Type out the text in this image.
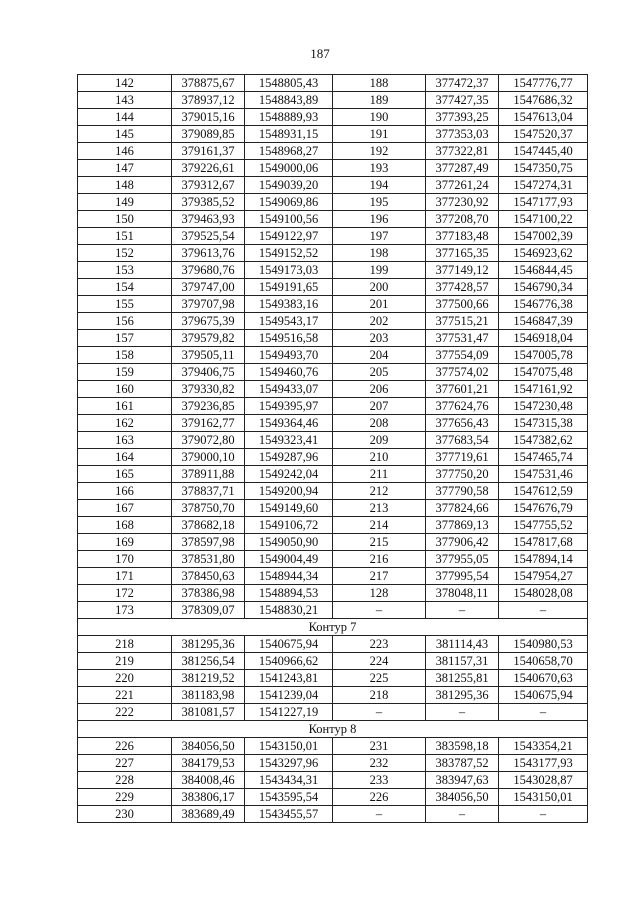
187
142	378875,67	1548805,43	188	377472,37	1547776,77
143	378937,12	1548843,89	189	377427,35	1547686,32
144	379015,16	1548889,93	190	377393,25	1547613,04
145	379089,85	1548931,15	191	377353,03	1547520,37
146	379161,37	1548968,27	192	377322,81	1547445,40
147	379226,61	1549000,06	193	377287,49	1547350,75
148	379312,67	1549039,20	194	377261,24	1547274,31
149	379385,52	1549069,86	195	377230,92	1547177,93
150	379463,93	1549100,56	196	377208,70	1547100,22
151	379525,54	1549122,97	197	377183,48	1547002,39
152	379613,76	1549152,52	198	377165,35	1546923,62
153	379680,76	1549173,03	199	377149,12	1546844,45
154	379747,00	1549191,65	200	377428,57	1546790,34
155	379707,98	1549383,16	201	377500,66	1546776,38
156	379675,39	1549543,17	202	377515,21	1546847,39
157	379579,82	1549516,58	203	377531,47	1546918,04
158	379505,11	1549493,70	204	377554,09	1547005,78
159	379406,75	1549460,76	205	377574,02	1547075,48
160	379330,82	1549433,07	206	377601,21	1547161,92
161	379236,85	1549395,97	207	377624,76	1547230,48
162	379162,77	1549364,46	208	377656,43	1547315,38
163	379072,80	1549323,41	209	377683,54	1547382,62
164	379000,10	1549287,96	210	377719,61	1547465,74
165	378911,88	1549242,04	211	377750,20	1547531,46
166	378837,71	1549200,94	212	377790,58	1547612,59
167	378750,70	1549149,60	213	377824,66	1547676,79
168	378682,18	1549106,72	214	377869,13	1547755,52
169	378597,98	1549050,90	215	377906,42	1547817,68
170	378531,80	1549004,49	216	377955,05	1547894,14
171	378450,63	1548944,34	217	377995,54	1547954,27
172	378386,98	1548894,53	128	378048,11	1548028,08
173	378309,07	1548830,21	–	–	–
Контур 7					
218	381295,36	1540675,94	223	381114,43	1540980,53
219	381256,54	1540966,62	224	381157,31	1540658,70
220	381219,52	1541243,81	225	381255,81	1540670,63
221	381183,98	1541239,04	218	381295,36	1540675,94
222	381081,57	1541227,19	–	–	–
Контур 8					
226	384056,50	1543150,01	231	383598,18	1543354,21
227	384179,53	1543297,96	232	383787,52	1543177,93
228	384008,46	1543434,31	233	383947,63	1543028,87
229	383806,17	1543595,54	226	384056,50	1543150,01
230	383689,49	1543455,57	–	–	–
